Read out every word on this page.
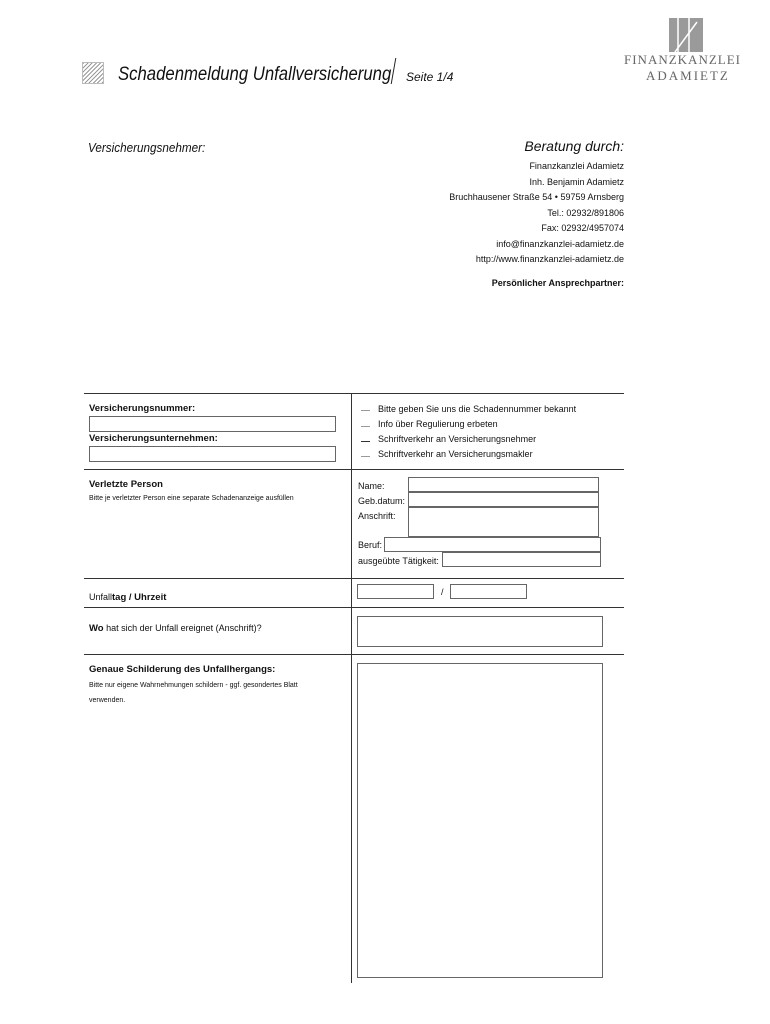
Schadenmeldung Unfallversicherung Seite 1/4
FINANZKANZLEI
ADAMIETZ
Versicherungsnehmer:	Beratung durch:
Finanzkanzlei Adamietz
Inh. Benjamin Adamietz
Bruchhausener Straße 54 • 59759 Arnsberg
Tel.: 02932/891806
Fax: 02932/4957074
info@finanzkanzlei-adamietz.de
http://www.finanzkanzlei-adamietz.de
Persönlicher Ansprechpartner:
Versicherungsnummer:
Versicherungsunternehmen:
Bitte geben Sie uns die Schadennummer bekannt
Info über Regulierung erbeten
Schriftverkehr an Versicherungsnehmer
Schriftverkehr an Versicherungsmakler
Verletzte Person
Bitte je verletzter Person eine separate Schadenanzeige ausfüllen
Name:
Geb.datum:
Anschrift:
Beruf:
ausgeübte Tätigkeit:
Unfalltag / Uhrzeit	/
Wo hat sich der Unfall ereignet (Anschrift)?
Genaue Schilderung des Unfallhergangs:
Bitte nur eigene Wahrnehmungen schildern - ggf. gesondertes Blatt
verwenden.
